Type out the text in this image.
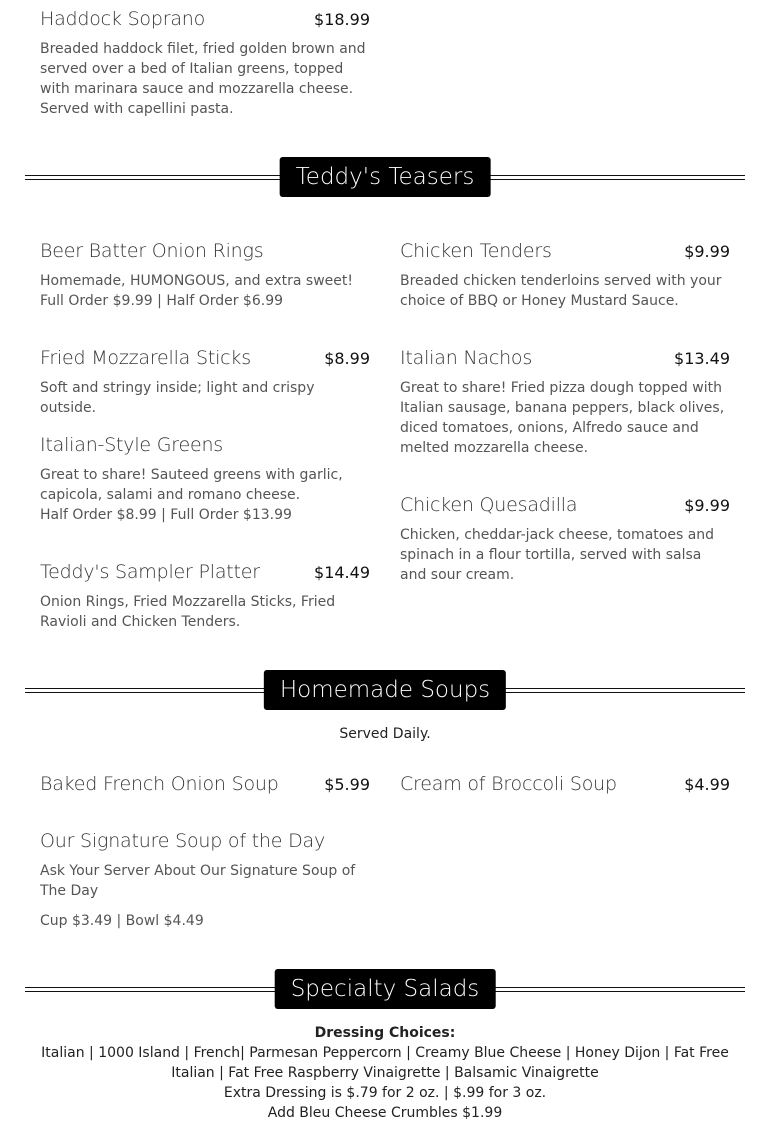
Haddock Soprano	$18.99
Breaded haddock filet, fried golden brown and served over a bed of Italian greens, topped with marinara sauce and mozzarella cheese. Served with capellini pasta.
Teddy's Teasers
Beer Batter Onion Rings
Homemade, HUMONGOUS, and extra sweet!
Full Order $9.99 | Half Order $6.99
Fried Mozzarella Sticks	$8.99
Soft and stringy inside; light and crispy outside.
Italian-Style Greens
Great to share! Sauteed greens with garlic, capicola, salami and romano cheese.
Half Order $8.99 | Full Order $13.99
Teddy's Sampler Platter	$14.49
Onion Rings, Fried Mozzarella Sticks, Fried Ravioli and Chicken Tenders.
Chicken Tenders	$9.99
Breaded chicken tenderloins served with your choice of BBQ or Honey Mustard Sauce.
Italian Nachos	$13.49
Great to share! Fried pizza dough topped with Italian sausage, banana peppers, black olives, diced tomatoes, onions, Alfredo sauce and melted mozzarella cheese.
Chicken Quesadilla	$9.99
Chicken, cheddar-jack cheese, tomatoes and spinach in a flour tortilla, served with salsa and sour cream.
Homemade Soups
Served Daily.
Baked French Onion Soup	$5.99 Cream of Broccoli Soup	$4.99
Our Signature Soup of the Day
Ask Your Server About Our Signature Soup of The Day
Cup $3.49 | Bowl $4.49
Specialty Salads
Dressing Choices:
Italian | 1000 Island | French| Parmesan Peppercorn | Creamy Blue Cheese | Honey Dijon | Fat Free Italian | Fat Free Raspberry Vinaigrette | Balsamic Vinaigrette
Extra Dressing is $.79 for 2 oz. | $.99 for 3 oz.
Add Bleu Cheese Crumbles $1.99
